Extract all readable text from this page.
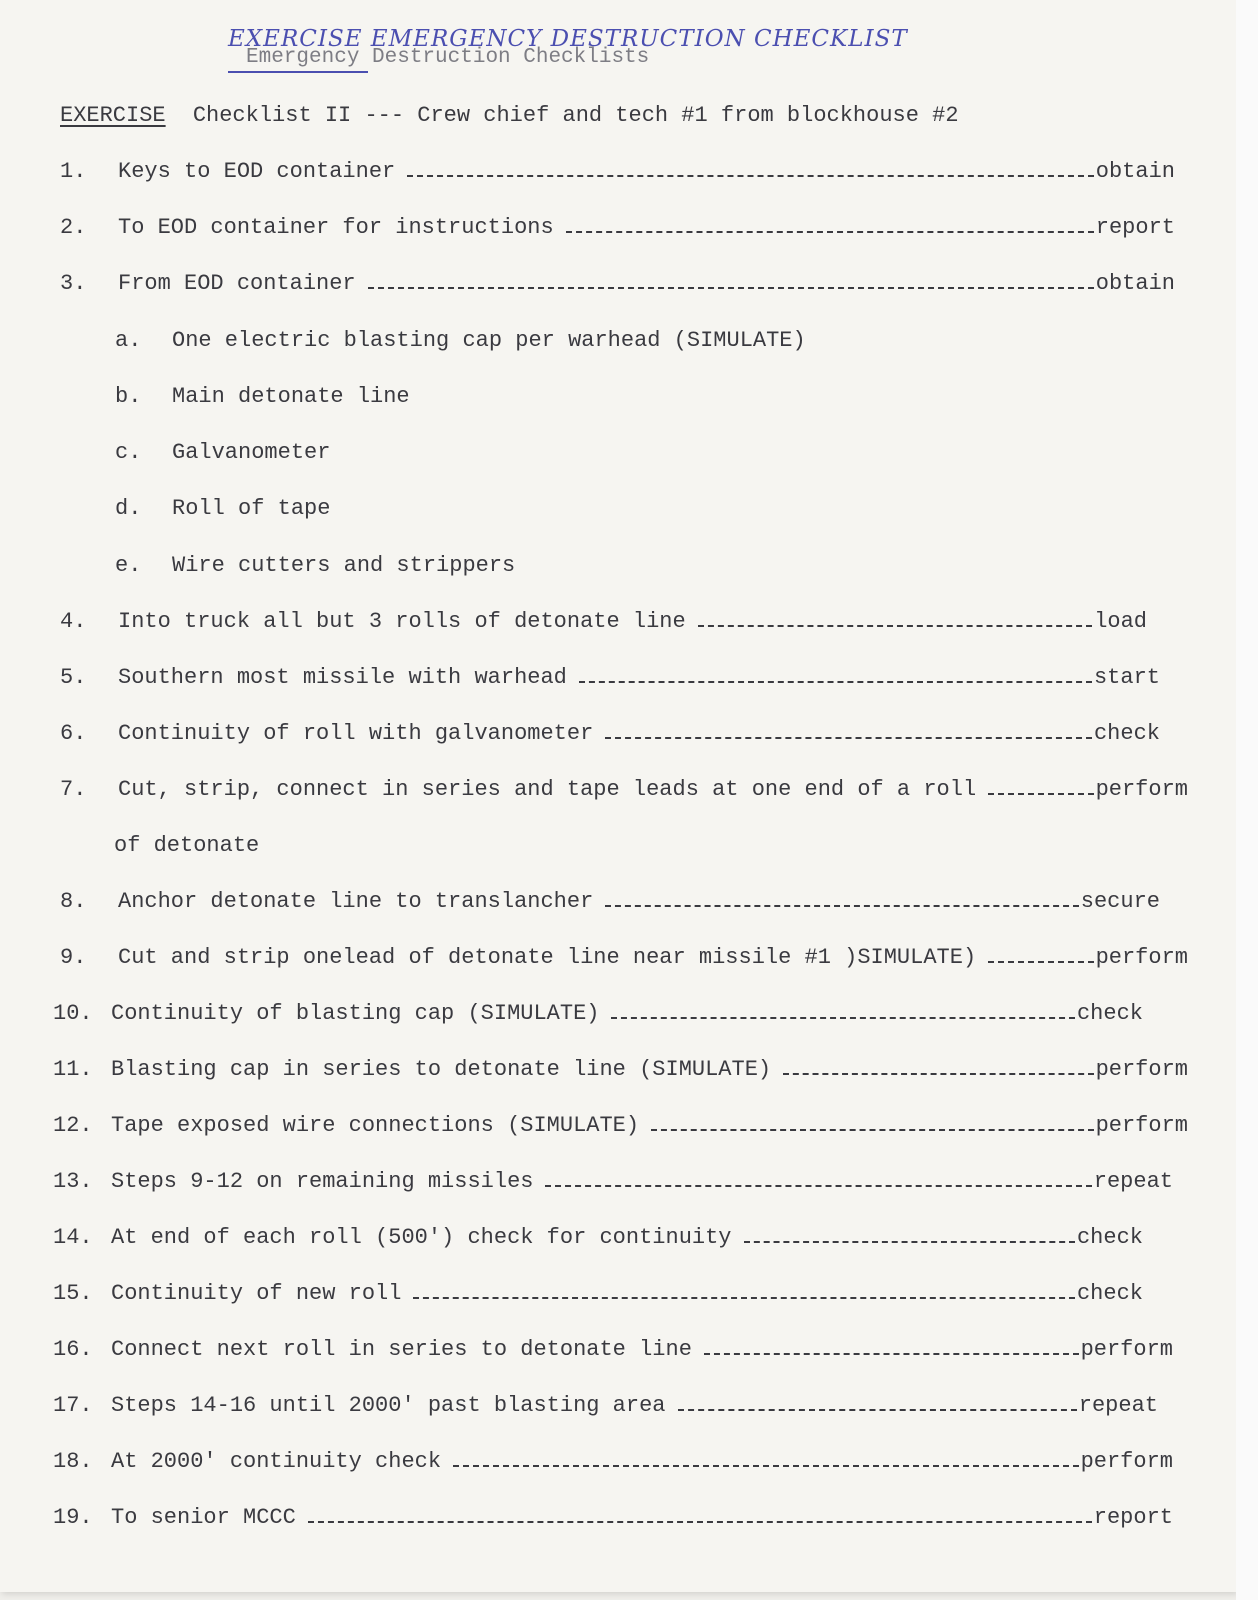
Emergency Destruction Checklists
EXERCISE EMERGENCY DESTRUCTION CHECKLIST
EXERCISE Checklist II --- Crew chief and tech #1 from blockhouse #2
1.	Keys to EOD container	obtain
2.	To EOD container for instructions	report
3.	From EOD container	obtain
a. One electric blasting cap per warhead (SIMULATE)
b. Main detonate line
c. Galvanometer
d. Roll of tape
e. Wire cutters and strippers
4.	Into truck all but 3 rolls of detonate line	load
5.	Southern most missile with warhead	start
6.	Continuity of roll with galvanometer	check
7.	Cut, strip, connect in series and tape leads at one end of a roll	perform
of detonate
8.	Anchor detonate line to translancher	secure
9.	Cut and strip onelead of detonate line near missile #1 )SIMULATE)	perform
10. Continuity of blasting cap (SIMULATE)	check
11. Blasting cap in series to detonate line (SIMULATE)	perform
12. Tape exposed wire connections (SIMULATE)	perform
13. Steps 9-12 on remaining missiles	repeat
14. At end of each roll (500') check for continuity	check
15. Continuity of new roll	check
16. Connect next roll in series to detonate line	perform
17. Steps 14-16 until 2000' past blasting area	repeat
18. At 2000' continuity check	perform
19. To senior MCCC	report
